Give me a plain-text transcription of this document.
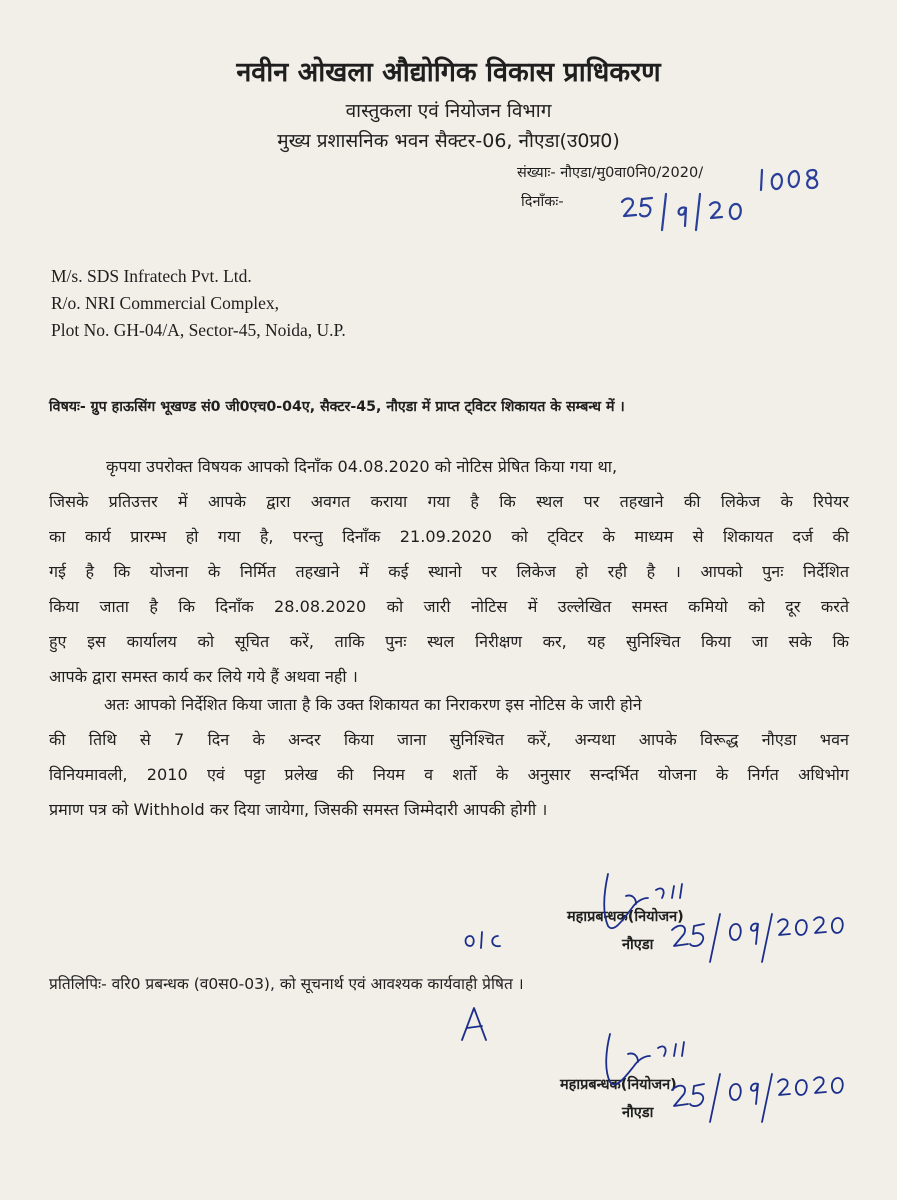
नवीन ओखला औद्योगिक विकास प्राधिकरण
वास्तुकला एवं नियोजन विभाग
मुख्य प्रशासनिक भवन सैक्टर-06, नौएडा(उ0प्र0)
संख्याः- नौएडा/मु0वा0नि0/2020/
दिनाँकः-
M/s. SDS Infratech Pvt. Ltd.
R/o. NRI Commercial Complex,
Plot No. GH-04/A, Sector-45, Noida, U.P.
विषयः- ग्रुप हाऊसिंग भूखण्ड सं0 जी0एच0-04ए, सैक्टर-45, नौएडा में प्राप्त ट्विटर शिकायत के सम्बन्ध में ।
कृपया उपरोक्त विषयक आपको दिनाँक 04.08.2020 को नोटिस प्रेषित किया गया था,
जिसके प्रतिउत्तर में आपके द्वारा अवगत कराया गया है कि स्थल पर तहखाने की लिकेज के रिपेयर
का कार्य प्रारम्भ हो गया है, परन्तु दिनाँक 21.09.2020 को ट्विटर के माध्यम से शिकायत दर्ज की
गई है कि योजना के निर्मित तहखाने में कई स्थानो पर लिकेज हो रही है । आपको पुनः निर्देशित
किया जाता है कि दिनाँक 28.08.2020 को जारी नोटिस में उल्लेखित समस्त कमियो को दूर करते
हुए इस कार्यालय को सूचित करें, ताकि पुनः स्थल निरीक्षण कर, यह सुनिश्चित किया जा सके कि
आपके द्वारा समस्त कार्य कर लिये गये हैं अथवा नही ।
अतः आपको निर्देशित किया जाता है कि उक्त शिकायत का निराकरण इस नोटिस के जारी होने
की तिथि से 7 दिन के अन्दर किया जाना सुनिश्चित करें, अन्यथा आपके विरूद्ध नौएडा भवन
विनियमावली, 2010 एवं पट्टा प्रलेख की नियम व शर्तो के अनुसार सन्दर्भित योजना के निर्गत अधिभोग
प्रमाण पत्र को Withhold कर दिया जायेगा, जिसकी समस्त जिम्मेदारी आपकी होगी ।
महाप्रबन्धक(नियोजन)
नौएडा
प्रतिलिपिः- वरि0 प्रबन्धक (व0स0-03), को सूचनार्थ एवं आवश्यक कार्यवाही प्रेषित ।
महाप्रबन्धक(नियोजन)
नौएडा
